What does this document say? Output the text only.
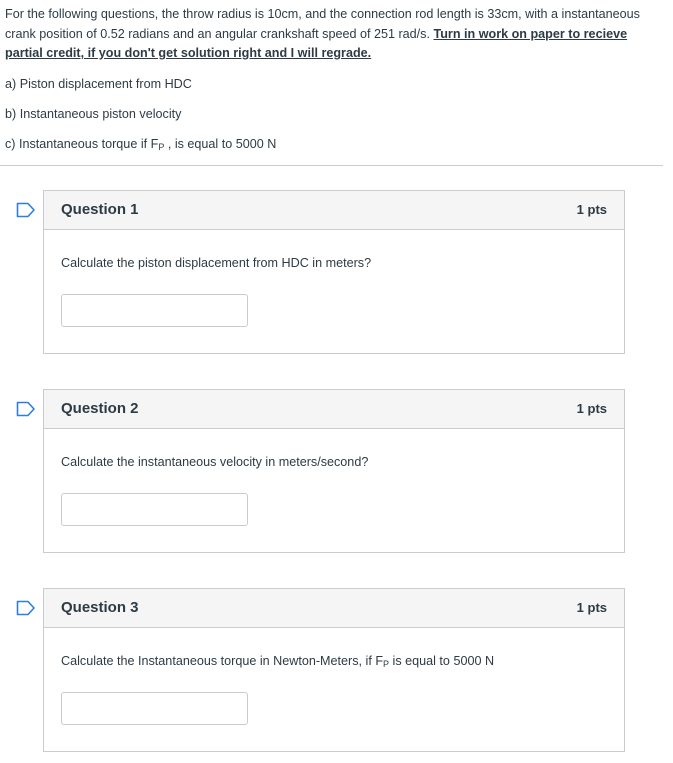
For the following questions, the throw radius is 10cm, and the connection rod length is 33cm, with a instantaneous crank position of 0.52 radians and an angular crankshaft speed of 251 rad/s. Turn in work on paper to recieve partial credit, if you don't get solution right and I will regrade.

a) Piston displacement from HDC
b) Instantaneous piston velocity
c) Instantaneous torque if $F_P$ , is equal to 5000 N
Question 1	1 pts
Calculate the piston displacement from HDC in meters?
Question 2	1 pts
Calculate the instantaneous velocity in meters/second?
Question 3	1 pts
Calculate the Instantaneous torque in Newton-Meters, if $F_P$ is equal to 5000 N
